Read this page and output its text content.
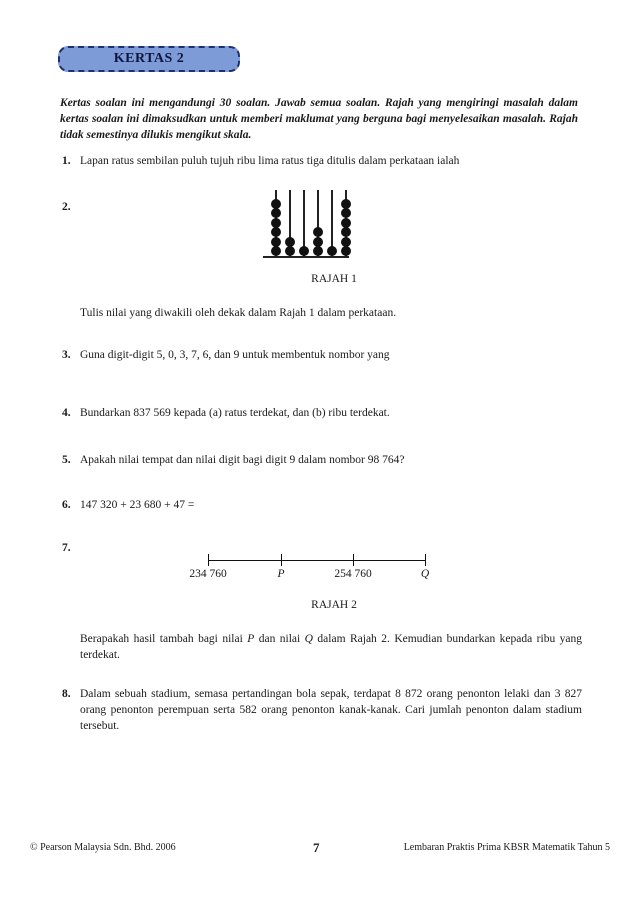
KERTAS 2
Kertas soalan ini mengandungi 30 soalan. Jawab semua soalan. Rajah yang mengiringi masalah dalam kertas soalan ini dimaksudkan untuk memberi maklumat yang berguna bagi menyelesaikan masalah. Rajah tidak semestinya dilukis mengikut skala.
1. Lapan ratus sembilan puluh tujuh ribu lima ratus tiga ditulis dalam perkataan ialah
2.
RAJAH 1
Tulis nilai yang diwakili oleh dekak dalam Rajah 1 dalam perkataan.
3. Guna digit-digit 5, 0, 3, 7, 6, dan 9 untuk membentuk nombor yang
4. Bundarkan 837 569 kepada (a) ratus terdekat, dan (b) ribu terdekat.
5. Apakah nilai tempat dan nilai digit bagi digit 9 dalam nombor 98 764?
6. 147 320 + 23 680 + 47 =
7.
234 760	P	254 760	Q
RAJAH 2
Berapakah hasil tambah bagi nilai P dan nilai Q dalam Rajah 2. Kemudian bundarkan kepada ribu yang terdekat.
8. Dalam sebuah stadium, semasa pertandingan bola sepak, terdapat 8 872 orang penonton lelaki dan 3 827 orang penonton perempuan serta 582 orang penonton kanak-kanak. Cari jumlah penonton dalam stadium tersebut.
© Pearson Malaysia Sdn. Bhd. 2006	7	Lembaran Praktis Prima KBSR Matematik Tahun 5
